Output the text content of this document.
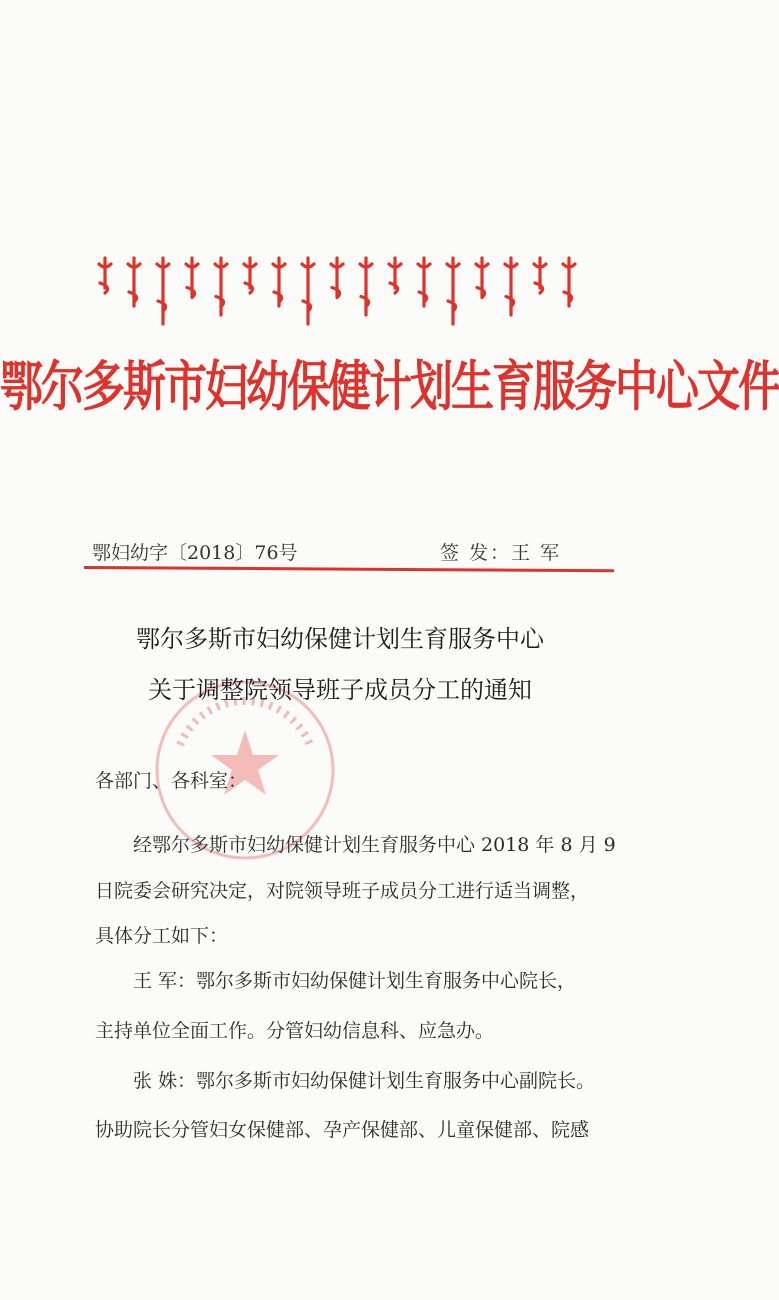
鄂尔多斯市妇幼保健计划生育服务中心文件
鄂妇幼字〔2018〕76号	签 发：王 军
鄂尔多斯市妇幼保健计划生育服务中心
关于调整院领导班子成员分工的通知
各部门、各科室：
经鄂尔多斯市妇幼保健计划生育服务中心 2018 年 8 月 9
日院委会研究决定，对院领导班子成员分工进行适当调整，
具体分工如下：
王 军：鄂尔多斯市妇幼保健计划生育服务中心院长，
主持单位全面工作。分管妇幼信息科、应急办。
张 姝：鄂尔多斯市妇幼保健计划生育服务中心副院长。
协助院长分管妇女保健部、孕产保健部、儿童保健部、院感
